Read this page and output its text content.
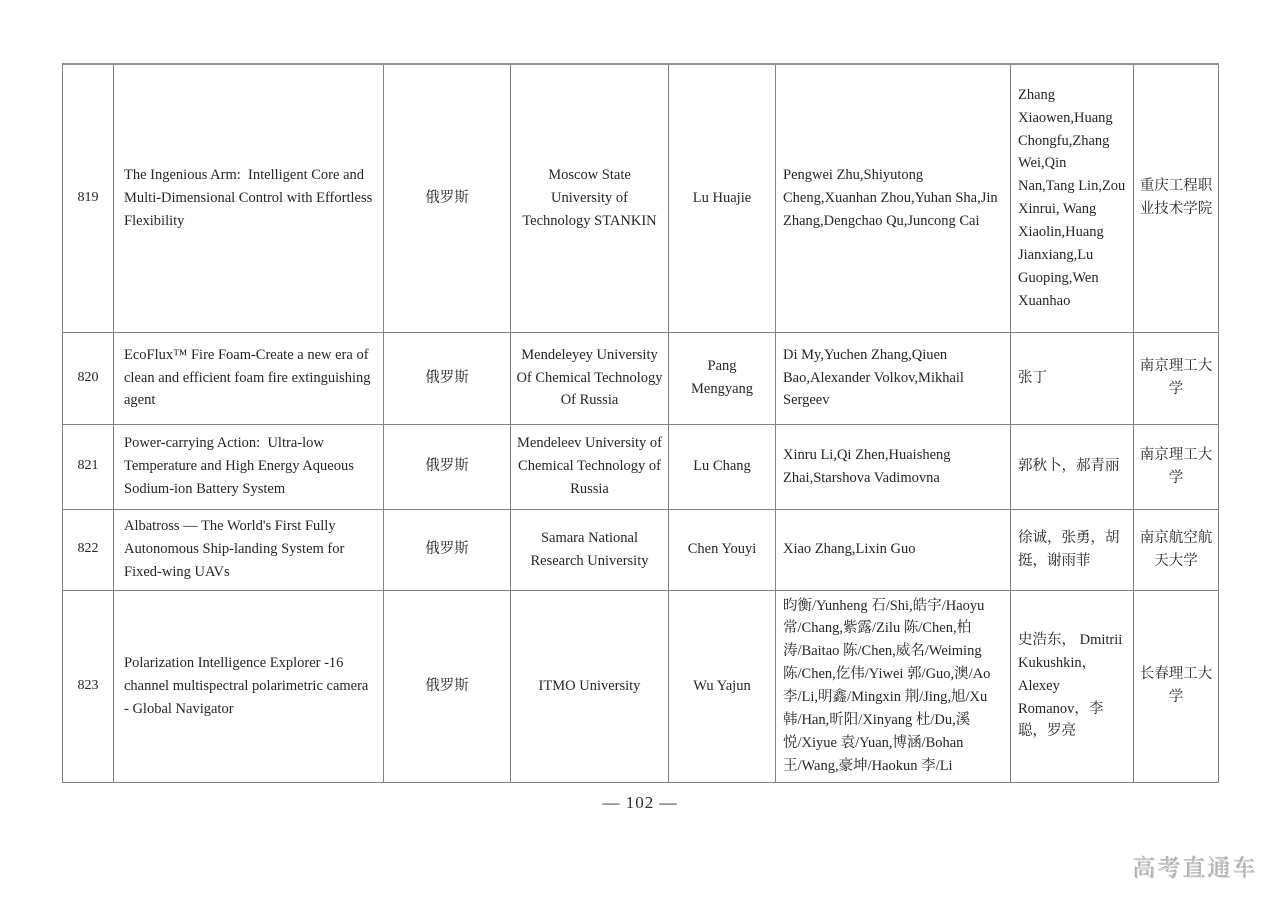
819	The Ingenious Arm:  Intelligent Core and Multi-Dimensional Control with Effortless Flexibility	俄罗斯	Moscow State University of Technology STANKIN	Lu Huajie	Pengwei Zhu,Shiyutong Cheng,Xuanhan Zhou,Yuhan Sha,Jin Zhang,Dengchao Qu,Juncong Cai	Zhang Xiaowen,Huang Chongfu,Zhang Wei,Qin Nan,Tang Lin,Zou Xinrui, Wang Xiaolin,Huang Jianxiang,Lu Guoping,Wen Xuanhao	重庆工程职业技术学院
820	EcoFlux™ Fire Foam-Create a new era of clean and efficient foam fire extinguishing agent	俄罗斯	Mendeleyey University Of Chemical Technology Of Russia	Pang Mengyang	Di My,Yuchen Zhang,Qiuen Bao,Alexander Volkov,Mikhail Sergeev	张丁	南京理工大学
821	Power-carrying Action:  Ultra-low Temperature and High Energy Aqueous Sodium-ion Battery System	俄罗斯	Mendeleev University of Chemical Technology of Russia	Lu Chang	Xinru Li,Qi Zhen,Huaisheng Zhai,Starshova Vadimovna	郭秋卜，郝青丽	南京理工大学
822	Albatross — The World's First Fully Autonomous Ship-landing System for Fixed-wing UAVs	俄罗斯	Samara National Research University	Chen Youyi	Xiao Zhang,Lixin Guo	徐诚，张勇，胡挺，谢雨菲	南京航空航天大学
823	Polarization Intelligence Explorer -16 channel multispectral polarimetric camera - Global Navigator	俄罗斯	ITMO University	Wu Yajun	昀衡/Yunheng 石/Shi,皓宇/Haoyu 常/Chang,紫露/Zilu 陈/Chen,柏涛/Baitao 陈/Chen,威名/Weiming 陈/Chen,仡伟/Yiwei 郭/Guo,澳/Ao 李/Li,明鑫/Mingxin 荆/Jing,旭/Xu 韩/Han,昕阳/Xinyang 杜/Du,溪悦/Xiyue 袁/Yuan,博涵/Bohan 王/Wang,豪坤/Haokun 李/Li	史浩东， Dmitrii Kukushkin，Alexey Romanov，李聪，罗亮	长春理工大学
— 102 —
高考直通车
